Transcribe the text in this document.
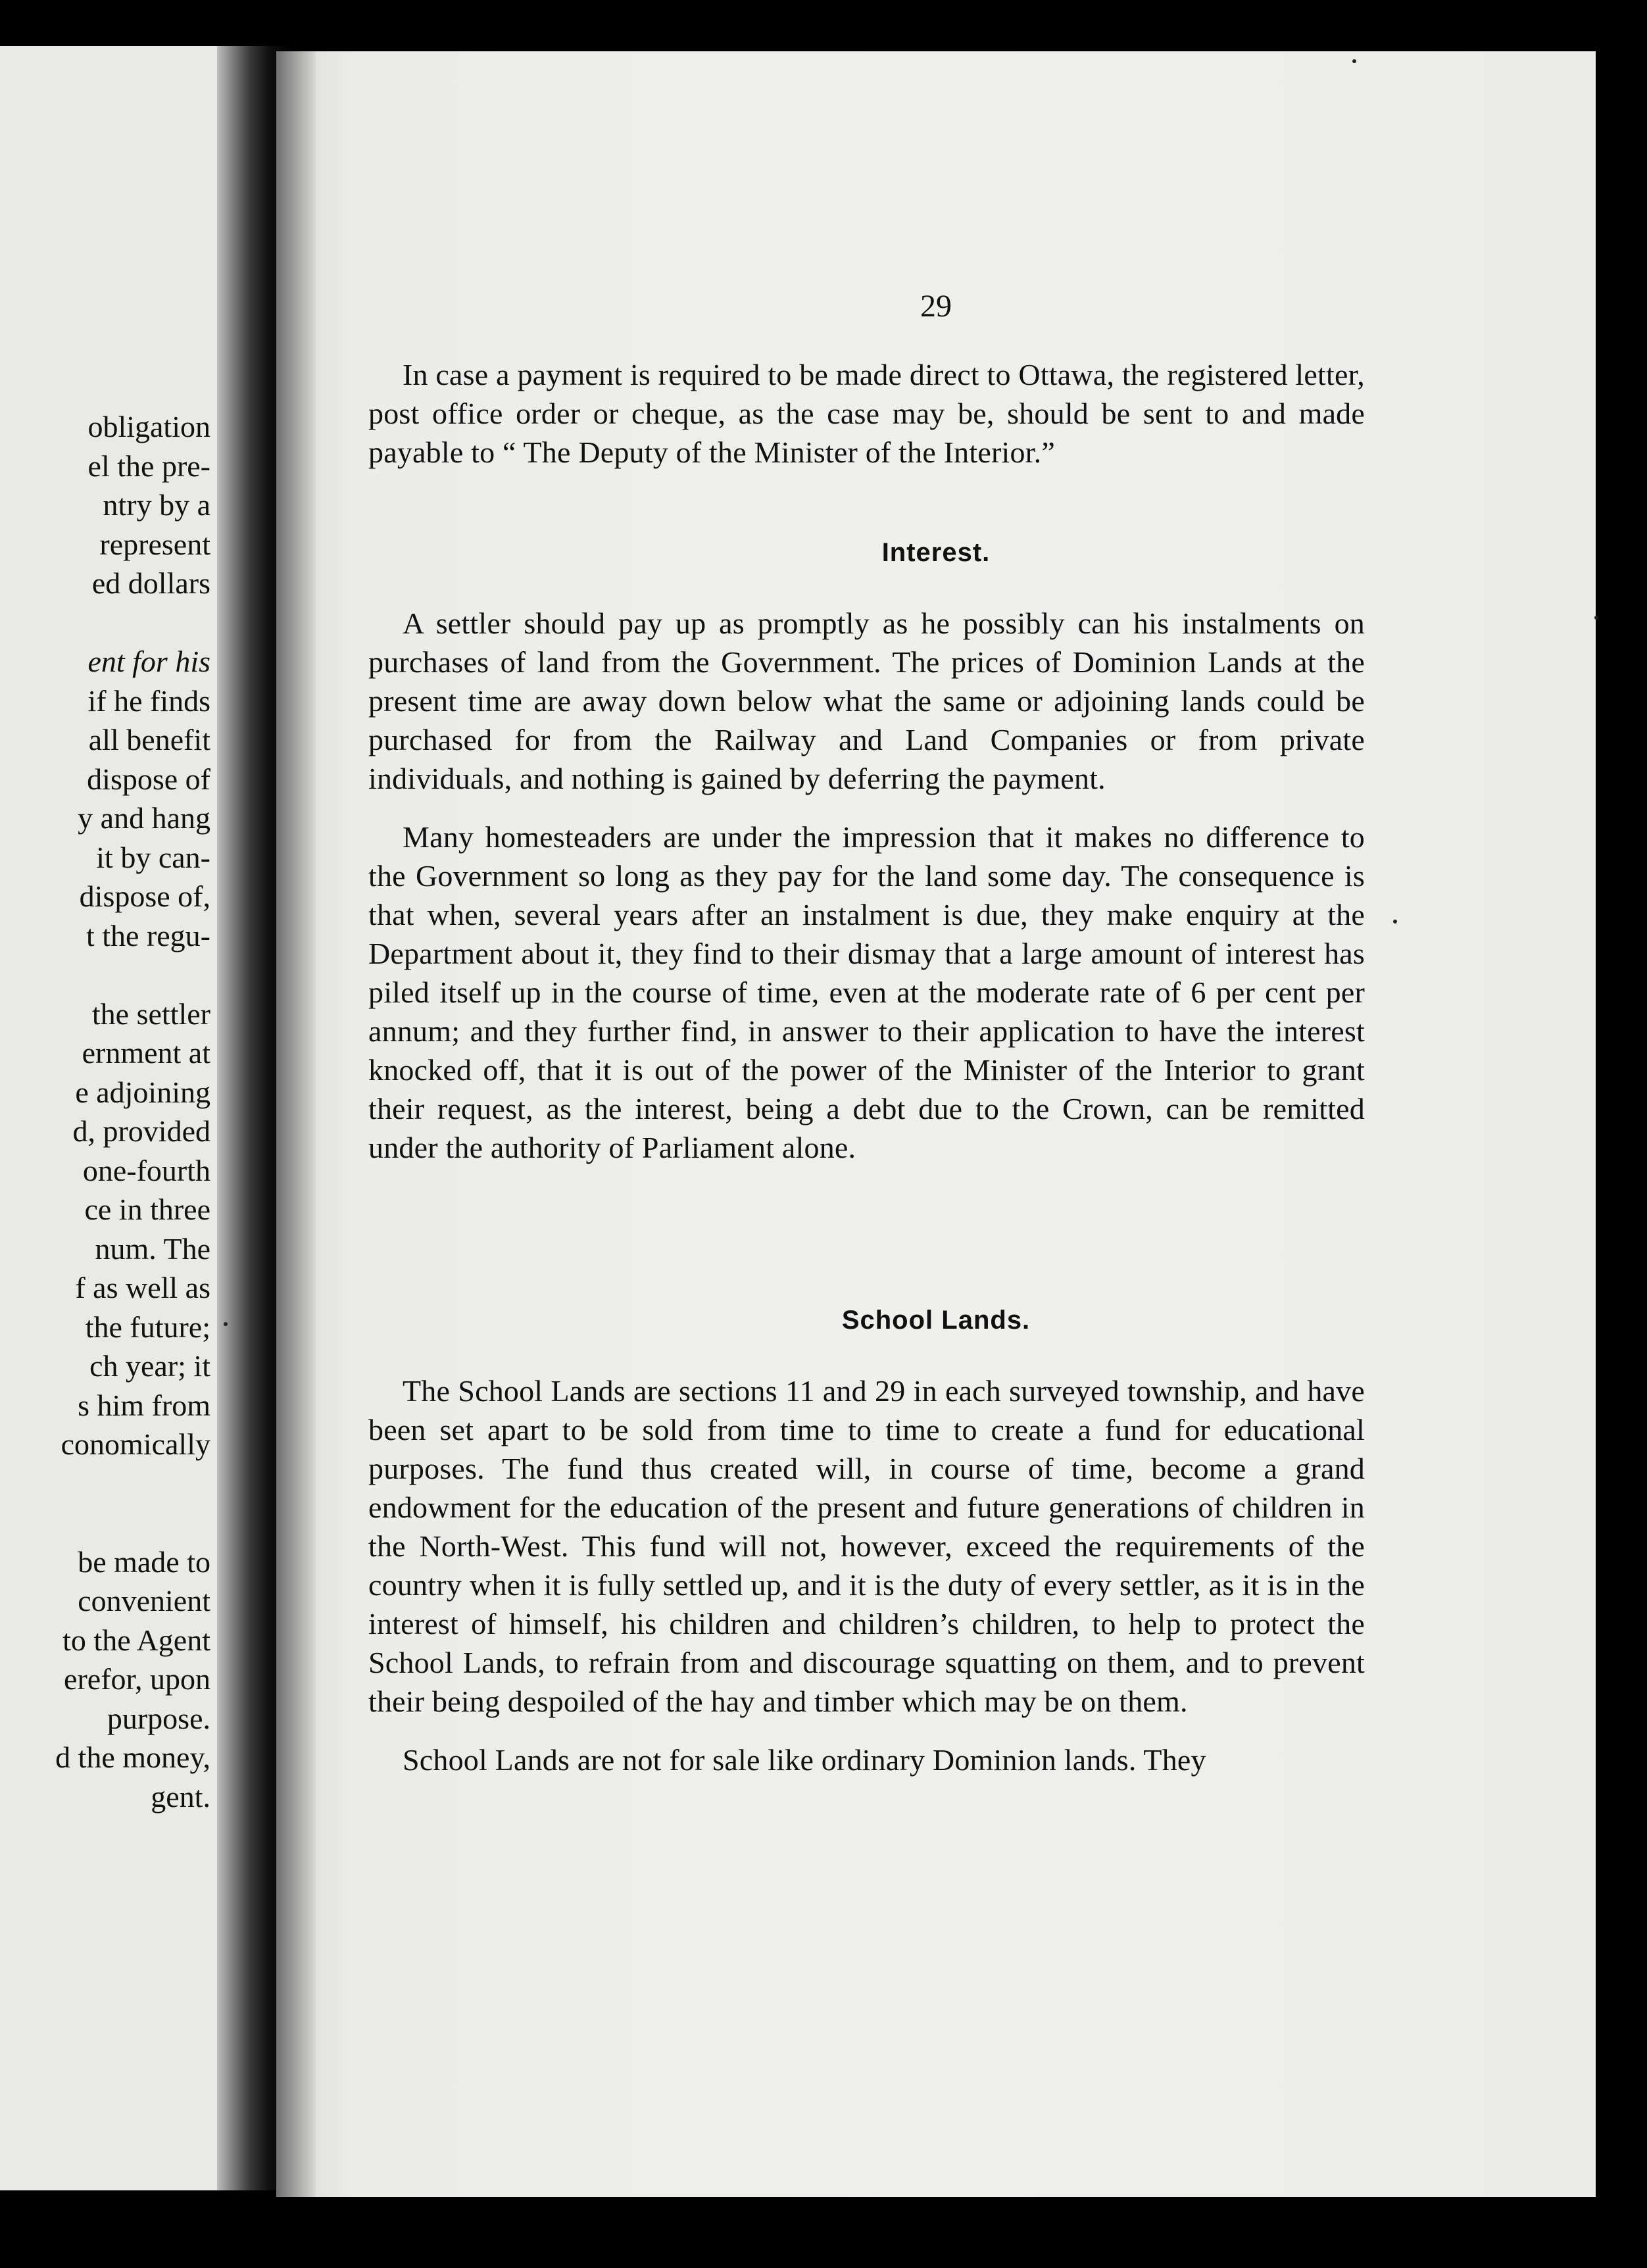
obligation
el the pre-
ntry by a
represent
ed dollars
ent for his
if he finds
all benefit
dispose of
y and hang
it by can-
dispose of,
t the regu-
the settler
ernment at
e adjoining
d, provided
one-fourth
ce in three
num. The
f as well as
the future;
ch year; it
s him from
conomically
be made to
convenient
to the Agent
erefor, upon
purpose.
d the money,
gent.
29

In case a payment is required to be made direct to Ottawa, the registered letter, post office order or cheque, as the case may be, should be sent to and made payable to “ The Deputy of the Minister of the Interior.”

Interest.

A settler should pay up as promptly as he possibly can his instalments on purchases of land from the Government. The prices of Dominion Lands at the present time are away down below what the same or adjoining lands could be purchased for from the Railway and Land Companies or from private individuals, and nothing is gained by deferring the payment.

Many homesteaders are under the impression that it makes no difference to the Government so long as they pay for the land some day. The consequence is that when, several years after an instalment is due, they make enquiry at the Department about it, they find to their dismay that a large amount of interest has piled itself up in the course of time, even at the moderate rate of 6 per cent per annum; and they further find, in answer to their application to have the interest knocked off, that it is out of the power of the Minister of the Interior to grant their request, as the interest, being a debt due to the Crown, can be remitted under the authority of Parliament alone.

School Lands.

The School Lands are sections 11 and 29 in each surveyed township, and have been set apart to be sold from time to time to create a fund for educational purposes. The fund thus created will, in course of time, become a grand endowment for the education of the present and future generations of children in the North-West. This fund will not, however, exceed the requirements of the country when it is fully settled up, and it is the duty of every settler, as it is in the interest of himself, his children and children’s children, to help to protect the School Lands, to refrain from and discourage squatting on them, and to prevent their being despoiled of the hay and timber which may be on them.

School Lands are not for sale like ordinary Dominion lands. They
